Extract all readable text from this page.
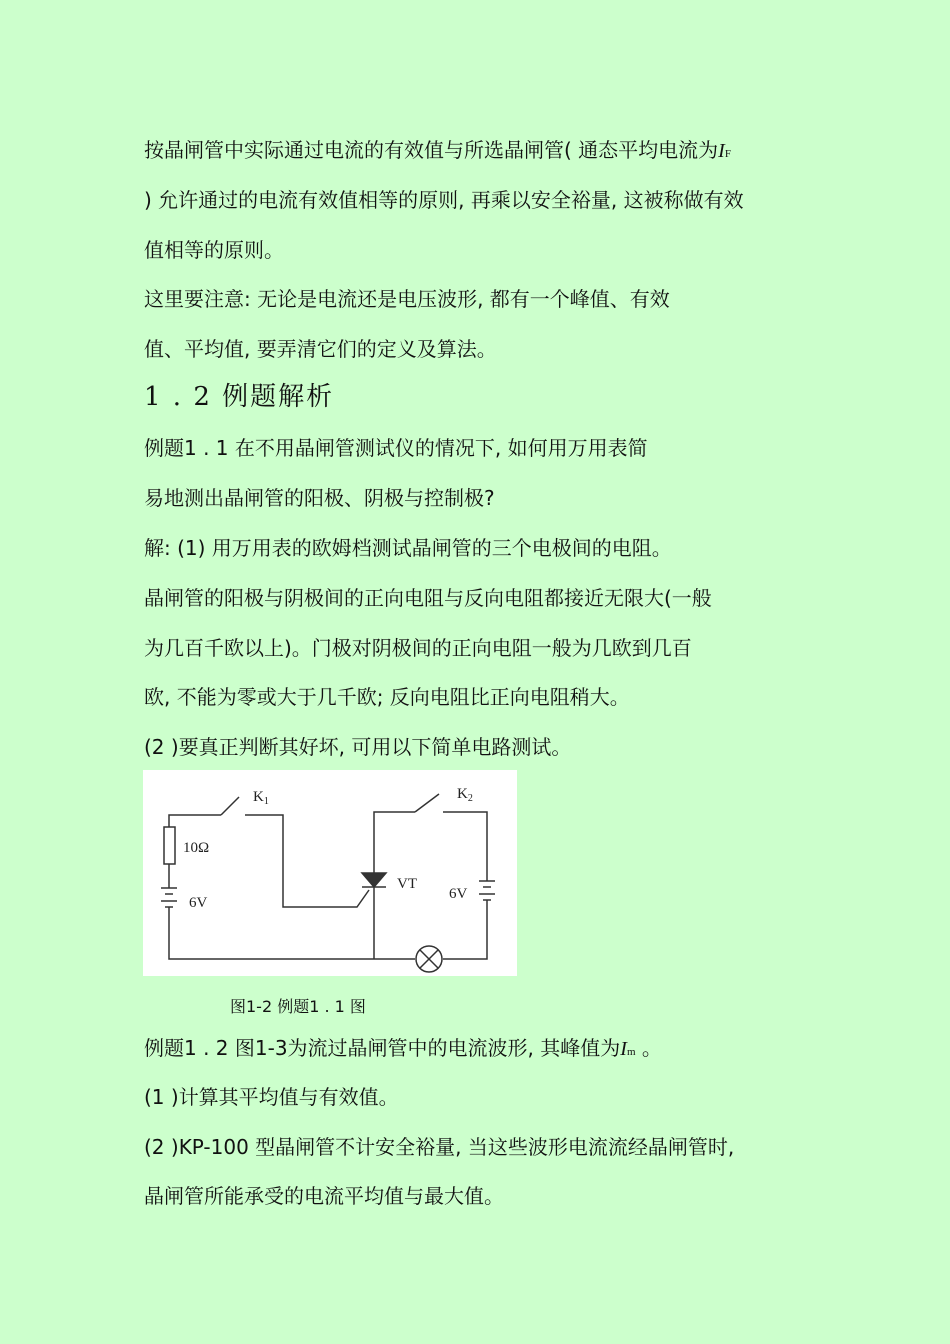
按晶闸管中实际通过电流的有效值与所选晶闸管( 通态平均电流为IF
) 允许通过的电流有效值相等的原则, 再乘以安全裕量, 这被称做有效
值相等的原则。
这里要注意: 无论是电流还是电压波形, 都有一个峰值、有效
值、平均值, 要弄清它们的定义及算法。
1 . 2 例题解析
例题1 . 1 在不用晶闸管测试仪的情况下, 如何用万用表简
易地测出晶闸管的阳极、阴极与控制极?
解: (1) 用万用表的欧姆档测试晶闸管的三个电极间的电阻。
晶闸管的阳极与阴极间的正向电阻与反向电阻都接近无限大(一般
为几百千欧以上)。门极对阴极间的正向电阻一般为几欧到几百
欧, 不能为零或大于几千欧; 反向电阻比正向电阻稍大。
(2 )要真正判断其好坏, 可用以下简单电路测试。
$K_1$	$K_2$
10Ω
6V
6V
VT
图1-2 例题1 . 1 图
例题1 . 2 图1-3为流过晶闸管中的电流波形, 其峰值为Im 。
(1 )计算其平均值与有效值。
(2 )KP-100 型晶闸管不计安全裕量, 当这些波形电流流经晶闸管时,
晶闸管所能承受的电流平均值与最大值。
